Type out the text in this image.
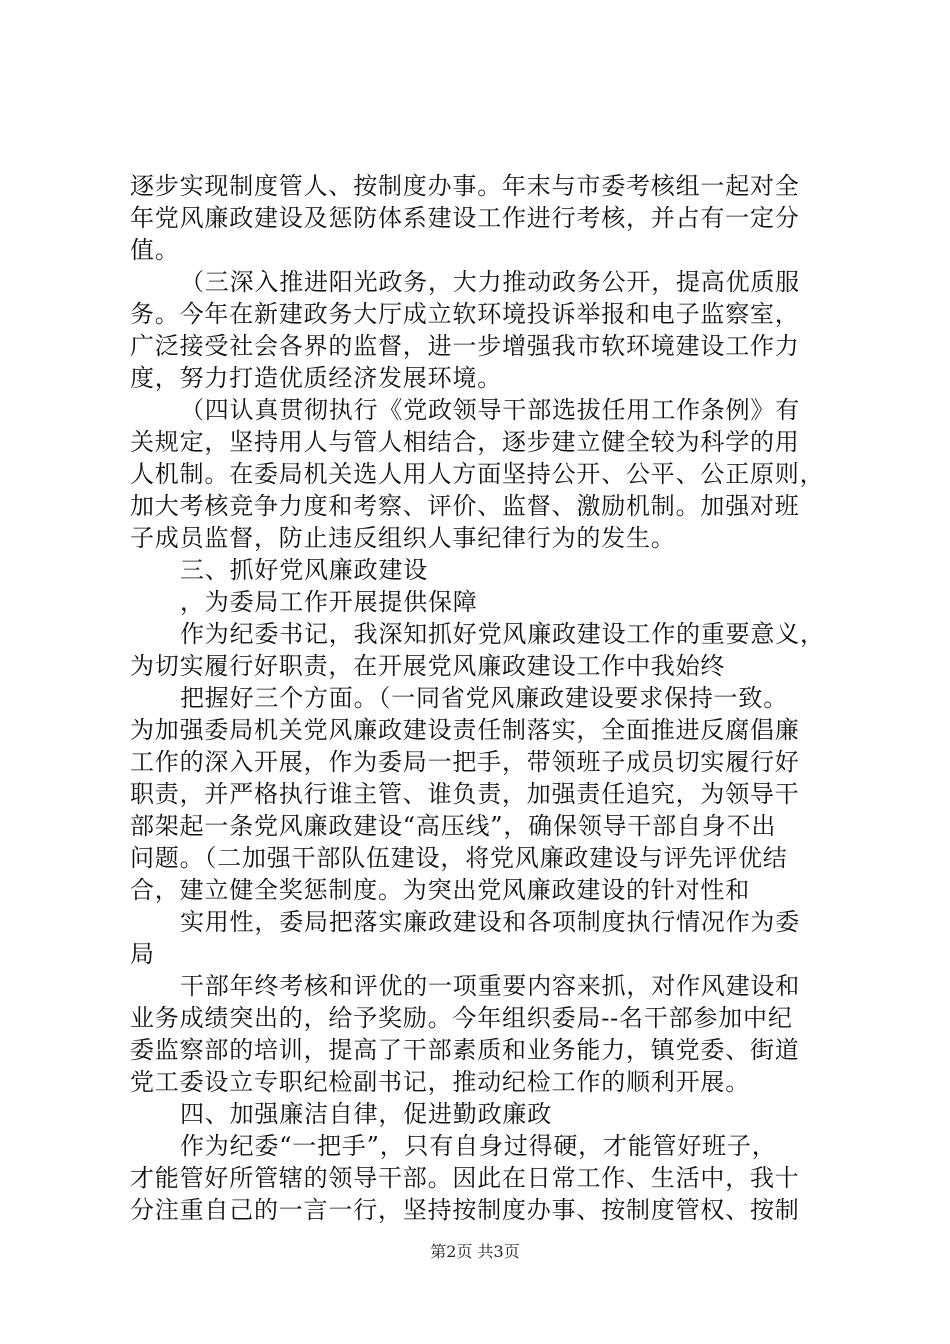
逐步实现制度管人、按制度办事。年末与市委考核组一起对全
年党风廉政建设及惩防体系建设工作进行考核，并占有一定分
值。
（三深入推进阳光政务，大力推动政务公开，提高优质服
务。今年在新建政务大厅成立软环境投诉举报和电子监察室，
广泛接受社会各界的监督，进一步增强我市软环境建设工作力
度，努力打造优质经济发展环境。
（四认真贯彻执行《党政领导干部选拔任用工作条例》有
关规定，坚持用人与管人相结合，逐步建立健全较为科学的用
人机制。在委局机关选人用人方面坚持公开、公平、公正原则，
加大考核竞争力度和考察、评价、监督、激励机制。加强对班
子成员监督，防止违反组织人事纪律行为的发生。
三、抓好党风廉政建设
，为委局工作开展提供保障
作为纪委书记，我深知抓好党风廉政建设工作的重要意义，
为切实履行好职责，在开展党风廉政建设工作中我始终
把握好三个方面。（一同省党风廉政建设要求保持一致。
为加强委局机关党风廉政建设责任制落实，全面推进反腐倡廉
工作的深入开展，作为委局一把手，带领班子成员切实履行好
职责，并严格执行谁主管、谁负责，加强责任追究，为领导干
部架起一条党风廉政建设“高压线”，确保领导干部自身不出
问题。（二加强干部队伍建设，将党风廉政建设与评先评优结
合，建立健全奖惩制度。为突出党风廉政建设的针对性和
实用性，委局把落实廉政建设和各项制度执行情况作为委
局
干部年终考核和评优的一项重要内容来抓，对作风建设和
业务成绩突出的，给予奖励。今年组织委局--名干部参加中纪
委监察部的培训，提高了干部素质和业务能力，镇党委、街道
党工委设立专职纪检副书记，推动纪检工作的顺利开展。
四、加强廉洁自律，促进勤政廉政
作为纪委“一把手”，只有自身过得硬，才能管好班子，
才能管好所管辖的领导干部。因此在日常工作、生活中，我十
分注重自己的一言一行，坚持按制度办事、按制度管权、按制
第2页 共3页
